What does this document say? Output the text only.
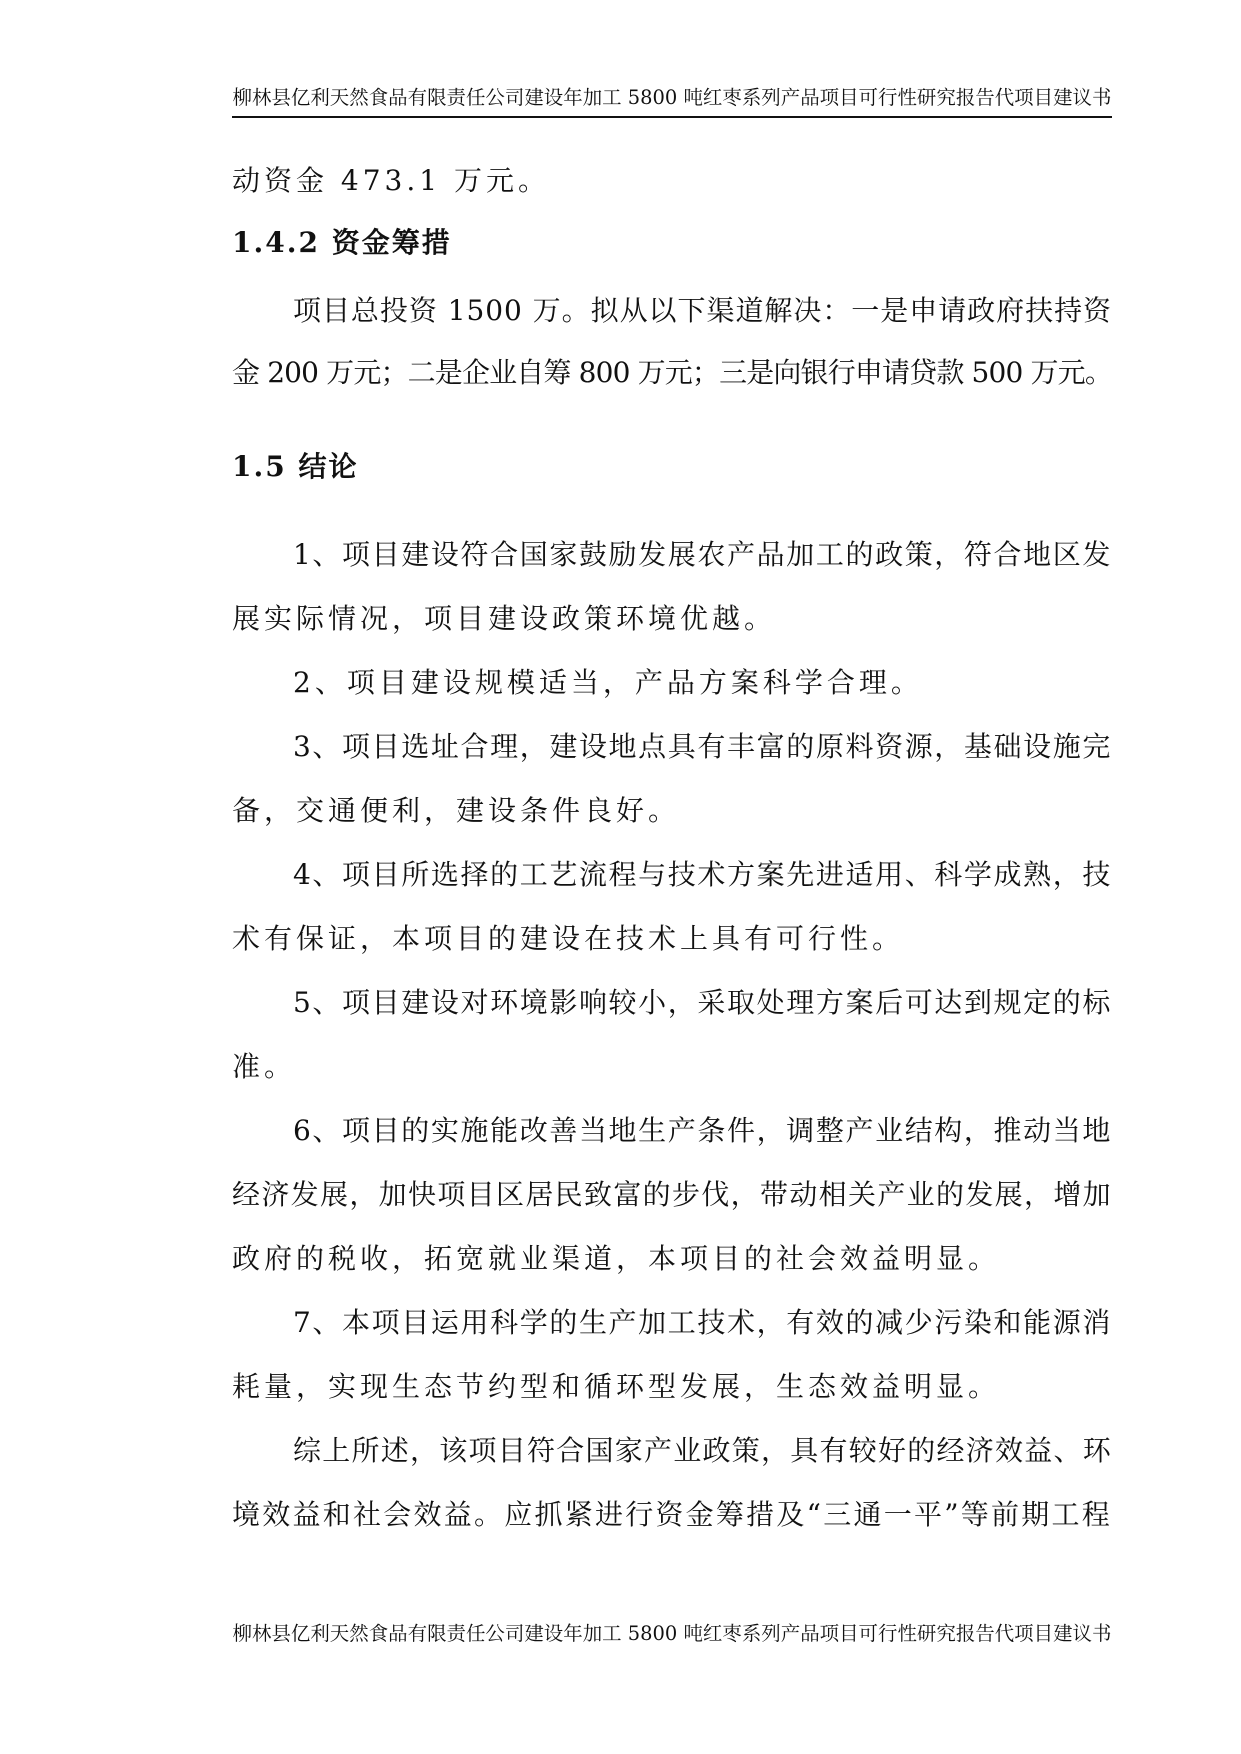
柳林县亿利天然食品有限责任公司建设年加工 5800 吨红枣系列产品项目可行性研究报告代项目建议书
动资金 473.1 万元。
1.4.2 资金筹措
项目总投资 1500 万。拟从以下渠道解决：一是申请政府扶持资
金 200 万元；二是企业自筹 800 万元；三是向银行申请贷款 500 万元。
1.5 结论
1、项目建设符合国家鼓励发展农产品加工的政策，符合地区发
展实际情况，项目建设政策环境优越。
2、项目建设规模适当，产品方案科学合理。
3、项目选址合理，建设地点具有丰富的原料资源，基础设施完
备，交通便利，建设条件良好。
4、项目所选择的工艺流程与技术方案先进适用、科学成熟，技
术有保证，本项目的建设在技术上具有可行性。
5、项目建设对环境影响较小，采取处理方案后可达到规定的标
准。
6、项目的实施能改善当地生产条件，调整产业结构，推动当地
经济发展，加快项目区居民致富的步伐，带动相关产业的发展，增加
政府的税收，拓宽就业渠道，本项目的社会效益明显。
7、本项目运用科学的生产加工技术，有效的减少污染和能源消
耗量，实现生态节约型和循环型发展，生态效益明显。
综上所述，该项目符合国家产业政策，具有较好的经济效益、环
境效益和社会效益。应抓紧进行资金筹措及“三通一平”等前期工程
柳林县亿利天然食品有限责任公司建设年加工 5800 吨红枣系列产品项目可行性研究报告代项目建议书
